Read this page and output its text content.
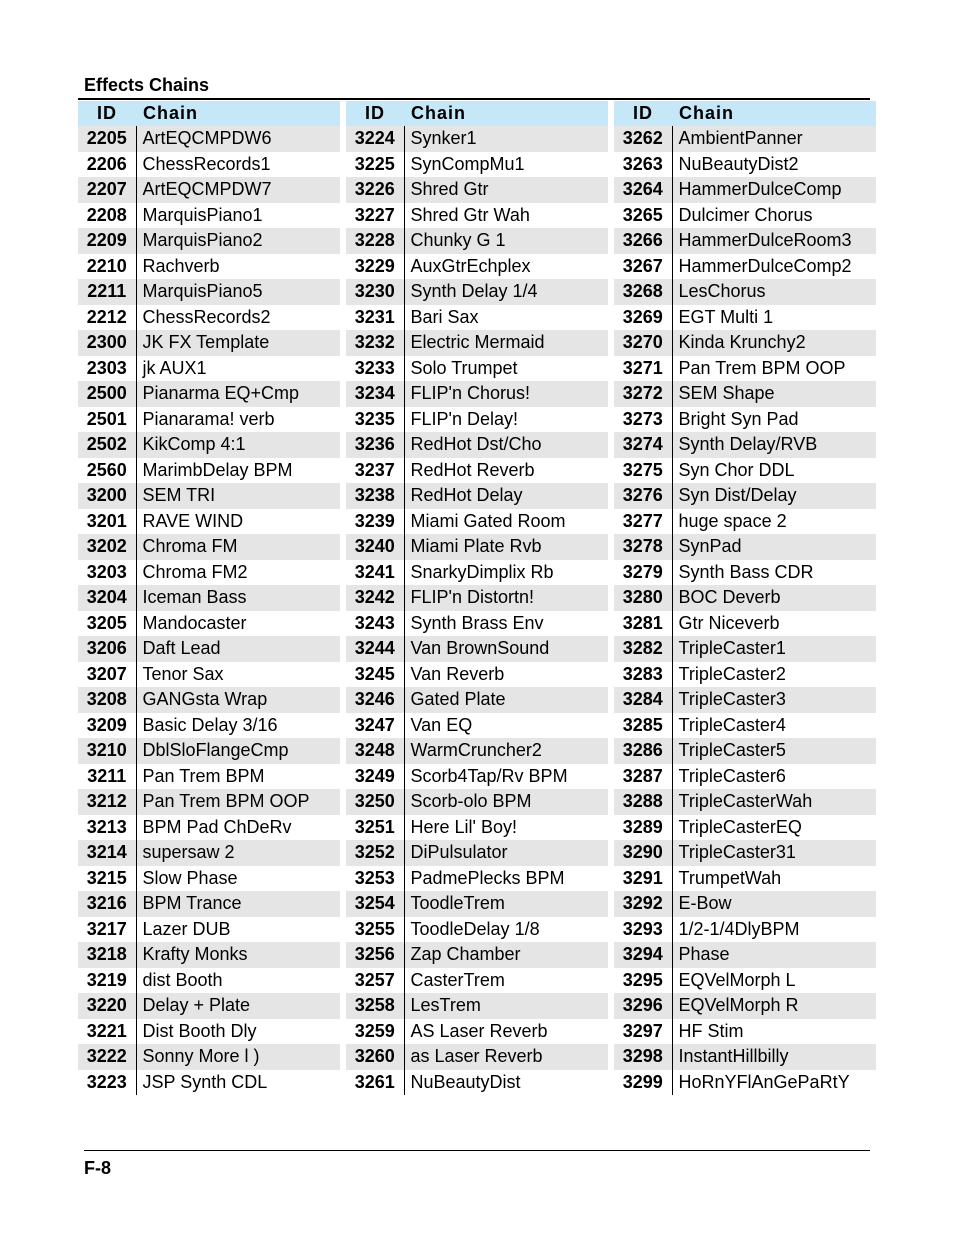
Effects Chains
ID	Chain
2205	ArtEQCMPDW6
2206	ChessRecords1
2207	ArtEQCMPDW7
2208	MarquisPiano1
2209	MarquisPiano2
2210	Rachverb
2211	MarquisPiano5
2212	ChessRecords2
2300	JK FX Template
2303	jk AUX1
2500	Pianarma EQ+Cmp
2501	Pianarama! verb
2502	KikComp 4:1
2560	MarimbDelay BPM
3200	SEM TRI
3201	RAVE WIND
3202	Chroma FM
3203	Chroma FM2
3204	Iceman Bass
3205	Mandocaster
3206	Daft Lead
3207	Tenor Sax
3208	GANGsta Wrap
3209	Basic Delay 3/16
3210	DblSloFlangeCmp
3211	Pan Trem BPM
3212	Pan Trem BPM OOP
3213	BPM Pad ChDeRv
3214	supersaw 2
3215	Slow Phase
3216	BPM Trance
3217	Lazer DUB
3218	Krafty Monks
3219	dist Booth
3220	Delay + Plate
3221	Dist Booth Dly
3222	Sonny More l )
3223	JSP Synth CDL
ID	Chain
3224	Synker1
3225	SynCompMu1
3226	Shred Gtr
3227	Shred Gtr Wah
3228	Chunky G 1
3229	AuxGtrEchplex
3230	Synth Delay 1/4
3231	Bari Sax
3232	Electric Mermaid
3233	Solo Trumpet
3234	FLIP'n Chorus!
3235	FLIP'n Delay!
3236	RedHot Dst/Cho
3237	RedHot Reverb
3238	RedHot Delay
3239	Miami Gated Room
3240	Miami Plate Rvb
3241	SnarkyDimplix Rb
3242	FLIP'n Distortn!
3243	Synth Brass Env
3244	Van BrownSound
3245	Van Reverb
3246	Gated Plate
3247	Van EQ
3248	WarmCruncher2
3249	Scorb4Tap/Rv BPM
3250	Scorb-olo BPM
3251	Here Lil' Boy!
3252	DiPulsulator
3253	PadmePlecks BPM
3254	ToodleTrem
3255	ToodleDelay 1/8
3256	Zap Chamber
3257	CasterTrem
3258	LesTrem
3259	AS Laser Reverb
3260	as Laser Reverb
3261	NuBeautyDist
ID	Chain
3262	AmbientPanner
3263	NuBeautyDist2
3264	HammerDulceComp
3265	Dulcimer Chorus
3266	HammerDulceRoom3
3267	HammerDulceComp2
3268	LesChorus
3269	EGT Multi 1
3270	Kinda Krunchy2
3271	Pan Trem BPM OOP
3272	SEM Shape
3273	Bright Syn Pad
3274	Synth Delay/RVB
3275	Syn Chor DDL
3276	Syn Dist/Delay
3277	huge space 2
3278	SynPad
3279	Synth Bass CDR
3280	BOC Deverb
3281	Gtr Niceverb
3282	TripleCaster1
3283	TripleCaster2
3284	TripleCaster3
3285	TripleCaster4
3286	TripleCaster5
3287	TripleCaster6
3288	TripleCasterWah
3289	TripleCasterEQ
3290	TripleCaster31
3291	TrumpetWah
3292	E-Bow
3293	1/2-1/4DlyBPM
3294	Phase
3295	EQVelMorph L
3296	EQVelMorph R
3297	HF Stim
3298	InstantHillbilly
3299	HoRnYFlAnGePaRtY
F-8
